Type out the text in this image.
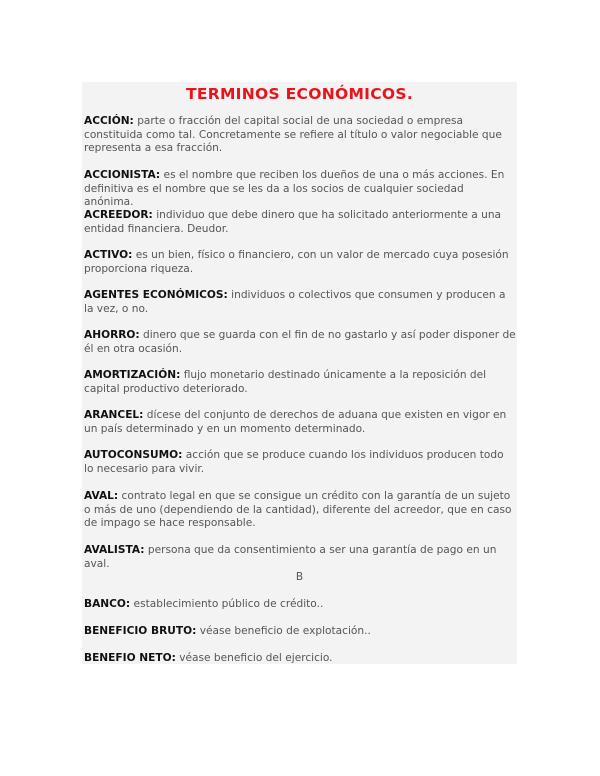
TERMINOS ECONÓMICOS.
ACCIÓN: parte o fracción del capital social de una sociedad o empresa constituida como tal. Concretamente se refiere al título o valor negociable que representa a esa fracción.
ACCIONISTA: es el nombre que reciben los dueños de una o más acciones. En definitiva es el nombre que se les da a los socios de cualquier sociedad anónima.
ACREEDOR: individuo que debe dinero que ha solicitado anteriormente a una entidad financiera. Deudor.
ACTIVO: es un bien, físico o financiero, con un valor de mercado cuya posesión proporciona riqueza.
AGENTES ECONÓMICOS: individuos o colectivos que consumen y producen a la vez, o no.
AHORRO: dinero que se guarda con el fin de no gastarlo y así poder disponer de él en otra ocasión.
AMORTIZACIÓN: flujo monetario destinado únicamente a la reposición del capital productivo deteriorado.
ARANCEL: dícese del conjunto de derechos de aduana que existen en vigor en un país determinado y en un momento determinado.
AUTOCONSUMO: acción que se produce cuando los individuos producen todo lo necesario para vivir.
AVAL: contrato legal en que se consigue un crédito con la garantía de un sujeto o más de uno (dependiendo de la cantidad), diferente del acreedor, que en caso de impago se hace responsable.
AVALISTA: persona que da consentimiento a ser una garantía de pago en un aval.
B
BANCO: establecimiento público de crédito..
BENEFICIO BRUTO: véase beneficio de explotación..
BENEFIO NETO: véase beneficio del ejercicio.
